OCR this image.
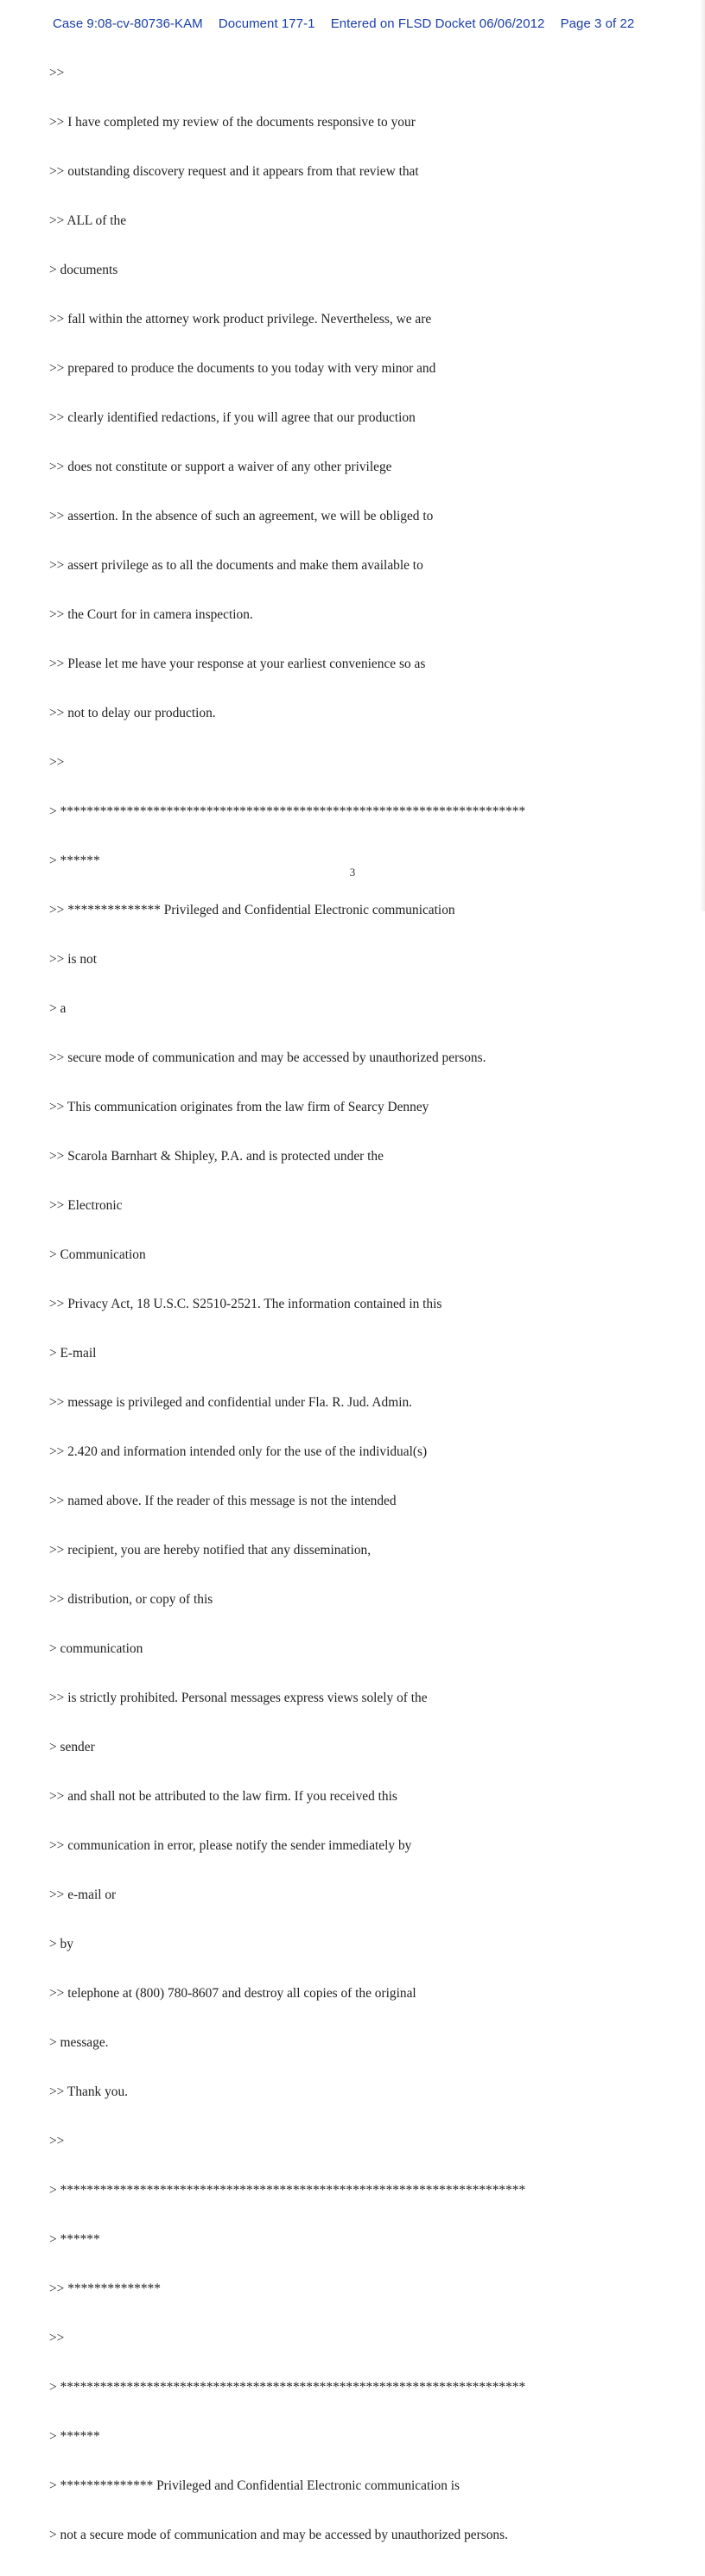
Case 9:08-cv-80736-KAM Document 177-1 Entered on FLSD Docket 06/06/2012 Page 3 of 22

>>

>> I have completed my review of the documents responsive to your

>> outstanding discovery request and it appears from that review that

>> ALL of the

> documents

>> fall within the attorney work product privilege. Nevertheless, we are

>> prepared to produce the documents to you today with very minor and

>> clearly identified redactions, if you will agree that our production

>> does not constitute or support a waiver of any other privilege

>> assertion. In the absence of such an agreement, we will be obliged to

>> assert privilege as to all the documents and make them available to

>> the Court for in camera inspection.

>> Please let me have your response at your earliest convenience so as

>> not to delay our production.

>>

> **********************************************************************

> ******

>> ************** Privileged and Confidential Electronic communication

>> is not

> a

>> secure mode of communication and may be accessed by unauthorized persons.

>> This communication originates from the law firm of Searcy Denney

>> Scarola Barnhart & Shipley, P.A. and is protected under the

>> Electronic

> Communication

>> Privacy Act, 18 U.S.C. S2510-2521. The information contained in this

> E-mail

>> message is privileged and confidential under Fla. R. Jud. Admin.

>> 2.420 and information intended only for the use of the individual(s)

>> named above. If the reader of this message is not the intended

>> recipient, you are hereby notified that any dissemination,

>> distribution, or copy of this

> communication

>> is strictly prohibited. Personal messages express views solely of the

> sender

>> and shall not be attributed to the law firm. If you received this

>> communication in error, please notify the sender immediately by

>> e-mail or

> by

>> telephone at (800) 780-8607 and destroy all copies of the original

> message.

>> Thank you.

>>

> **********************************************************************

> ******

>> **************

>>

> **********************************************************************

> ******

> ************** Privileged and Confidential Electronic communication is

> not a secure mode of communication and may be accessed by unauthorized persons.

3
